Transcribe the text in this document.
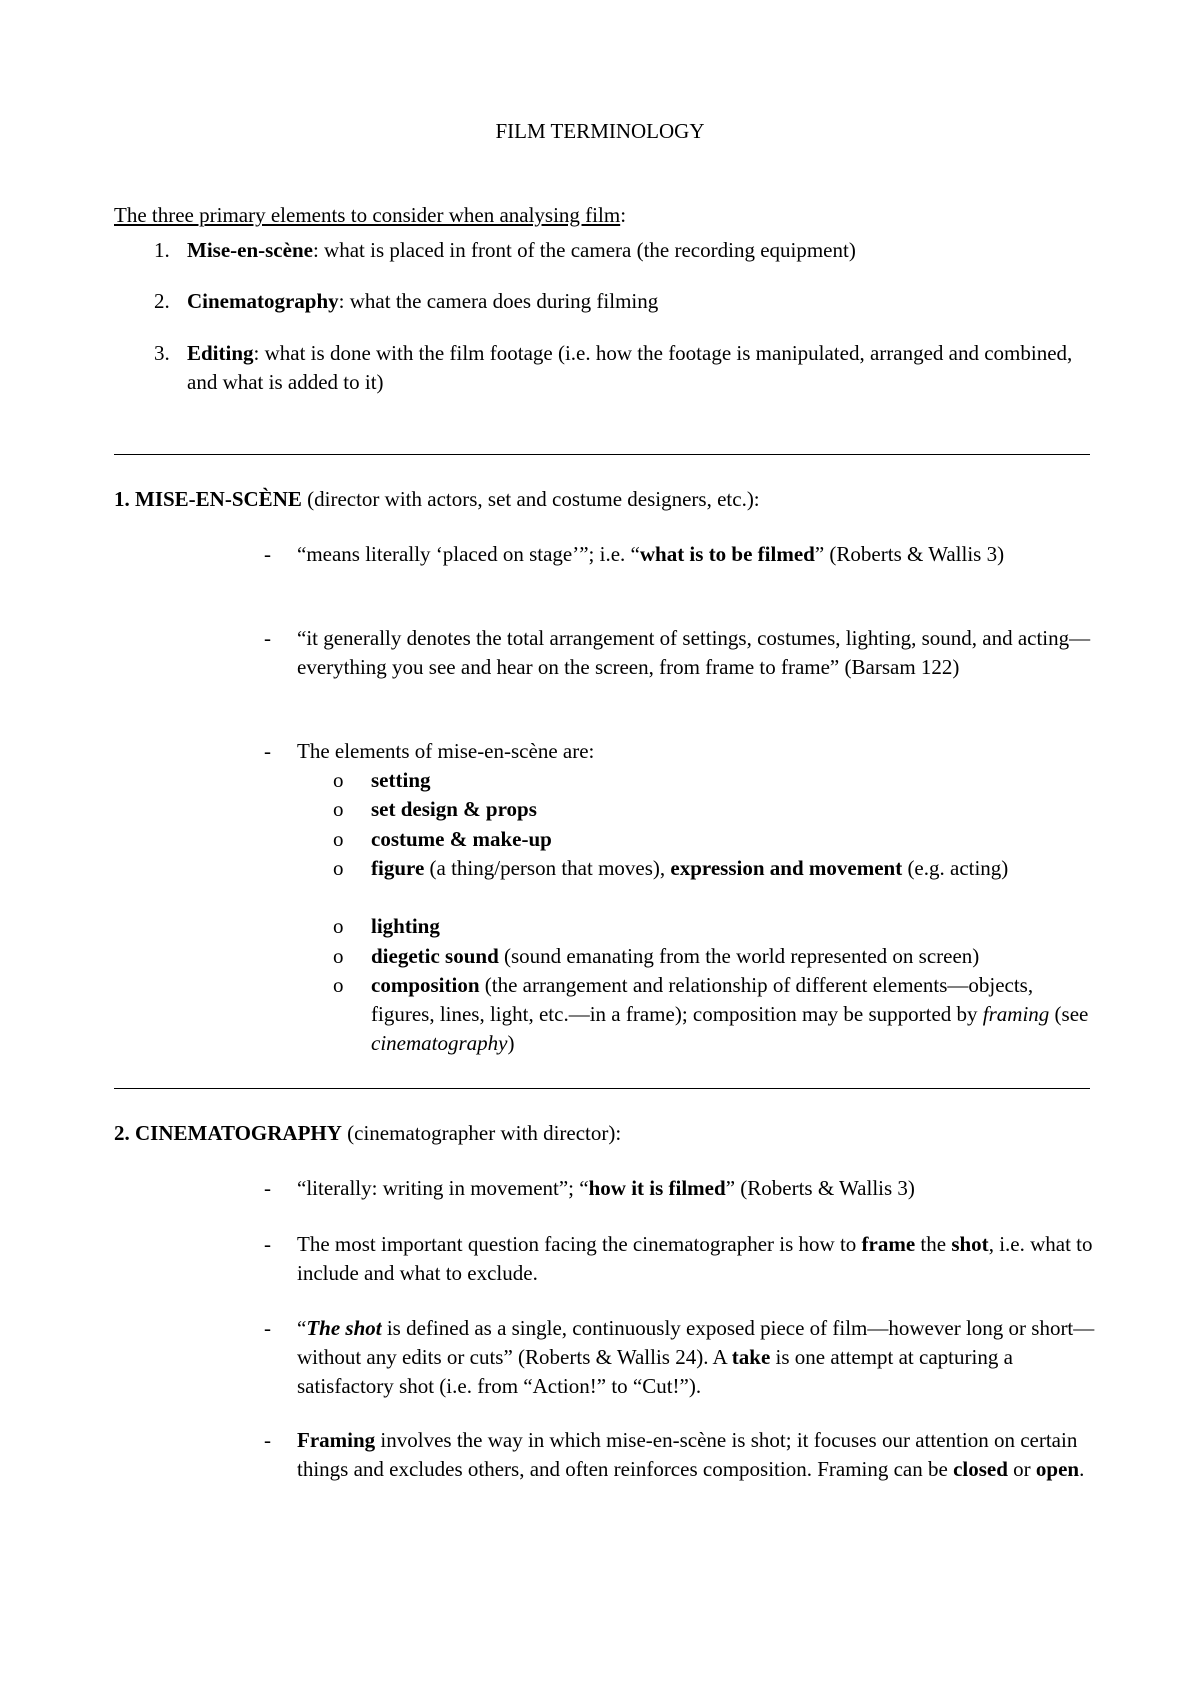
FILM TERMINOLOGY
The three primary elements to consider when analysing film:
1. Mise-en-scène: what is placed in front of the camera (the recording equipment)
2. Cinematography: what the camera does during filming
3. Editing: what is done with the film footage (i.e. how the footage is manipulated, arranged and combined, and what is added to it)
1. MISE-EN-SCÈNE (director with actors, set and costume designers, etc.):
- “means literally ‘placed on stage’”; i.e. “what is to be filmed” (Roberts & Wallis 3)
- “it generally denotes the total arrangement of settings, costumes, lighting, sound, and acting—everything you see and hear on the screen, from frame to frame” (Barsam 122)
- The elements of mise-en-scène are:
o setting
o set design & props
o costume & make-up
o figure (a thing/person that moves), expression and movement (e.g. acting)
o lighting
o diegetic sound (sound emanating from the world represented on screen)
o composition (the arrangement and relationship of different elements—objects, figures, lines, light, etc.—in a frame); composition may be supported by framing (see cinematography)
2. CINEMATOGRAPHY (cinematographer with director):
- “literally: writing in movement”; “how it is filmed” (Roberts & Wallis 3)
- The most important question facing the cinematographer is how to frame the shot, i.e. what to include and what to exclude.
- “The shot is defined as a single, continuously exposed piece of film—however long or short—without any edits or cuts” (Roberts & Wallis 24). A take is one attempt at capturing a satisfactory shot (i.e. from “Action!” to “Cut!”).
- Framing involves the way in which mise-en-scène is shot; it focuses our attention on certain things and excludes others, and often reinforces composition. Framing can be closed or open.
